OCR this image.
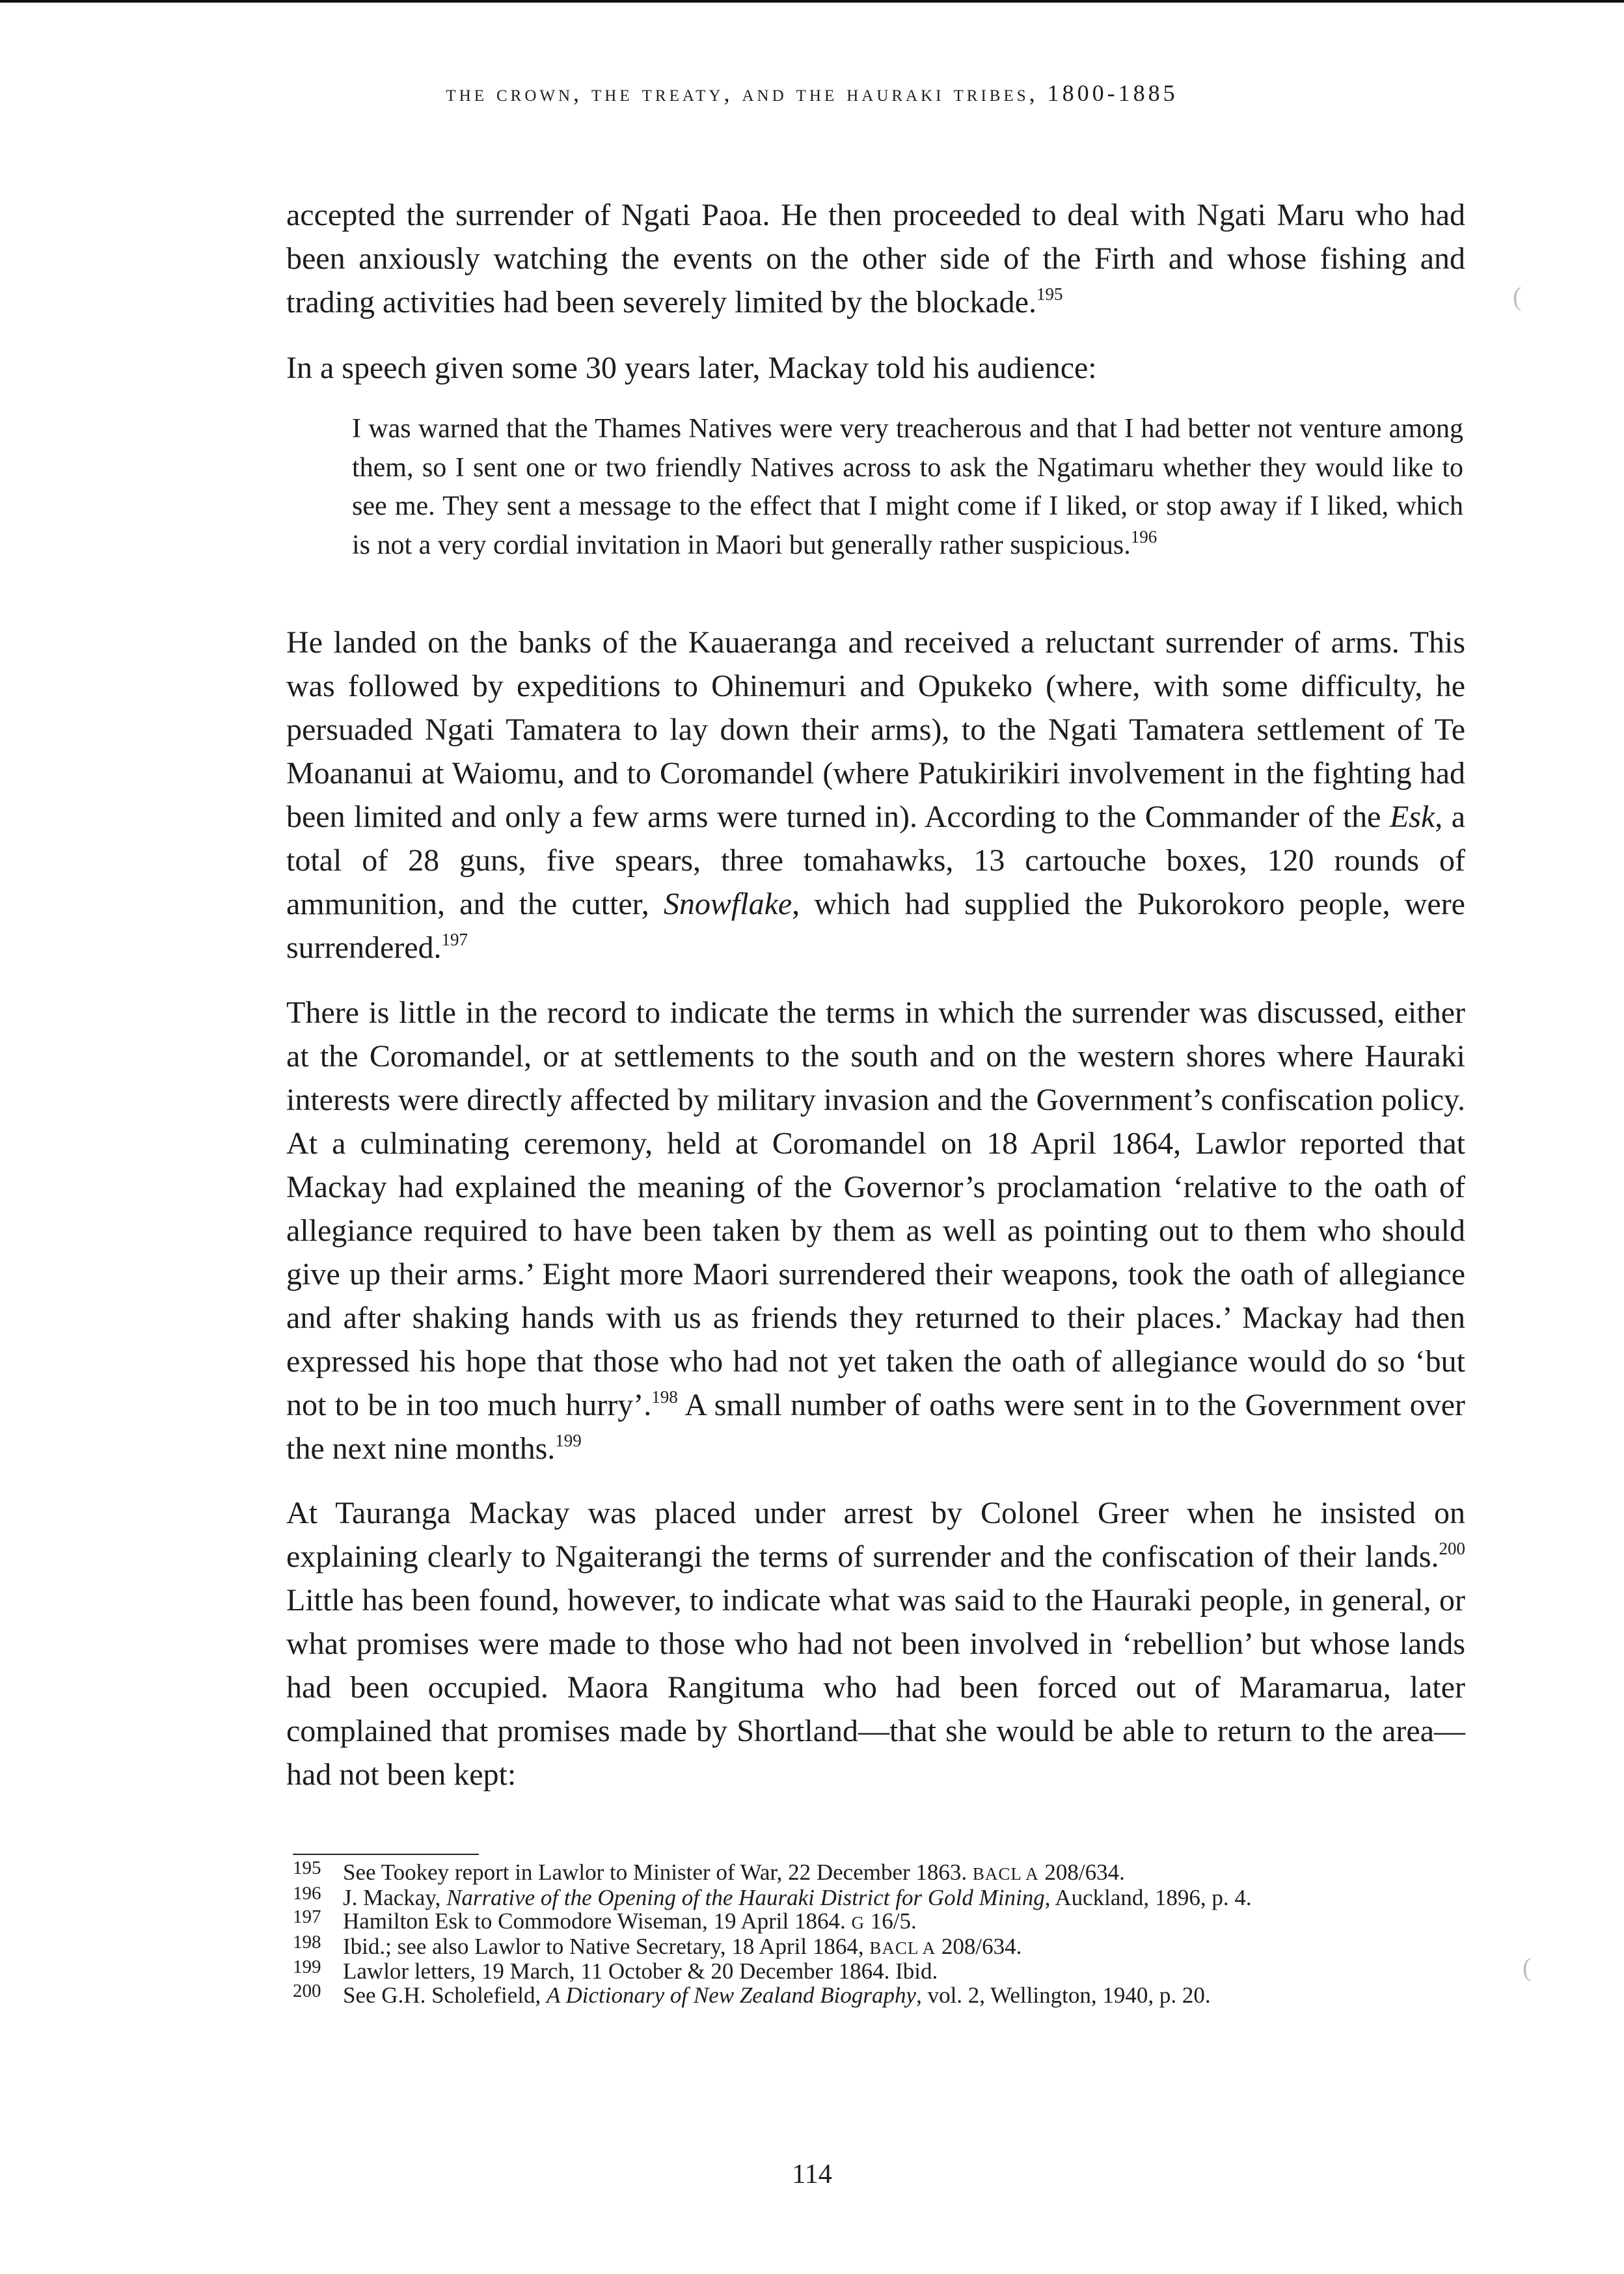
the crown, the treaty, and the hauraki tribes, 1800-1885

accepted the surrender of Ngati Paoa. He then proceeded to deal with Ngati Maru who had been anxiously watching the events on the other side of the Firth and whose fishing and trading activities had been severely limited by the blockade.$^{195}$

In a speech given some 30 years later, Mackay told his audience:

I was warned that the Thames Natives were very treacherous and that I had better not venture among them, so I sent one or two friendly Natives across to ask the Ngatimaru whether they would like to see me. They sent a message to the effect that I might come if I liked, or stop away if I liked, which is not a very cordial invitation in Maori but generally rather suspicious.$^{196}$

He landed on the banks of the Kauaeranga and received a reluctant surrender of arms. This was followed by expeditions to Ohinemuri and Opukeko (where, with some difficulty, he persuaded Ngati Tamatera to lay down their arms), to the Ngati Tamatera settlement of Te Moananui at Waiomu, and to Coromandel (where Patukirikiri involvement in the fighting had been limited and only a few arms were turned in). According to the Commander of the Esk, a total of 28 guns, five spears, three tomahawks, 13 cartouche boxes, 120 rounds of ammunition, and the cutter, Snowflake, which had supplied the Pukorokoro people, were surrendered.$^{197}$

There is little in the record to indicate the terms in which the surrender was discussed, either at the Coromandel, or at settlements to the south and on the western shores where Hauraki interests were directly affected by military invasion and the Government’s confiscation policy. At a culminating ceremony, held at Coromandel on 18 April 1864, Lawlor reported that Mackay had explained the meaning of the Governor’s proclamation ‘relative to the oath of allegiance required to have been taken by them as well as pointing out to them who should give up their arms.’ Eight more Maori surrendered their weapons, took the oath of allegiance and after shaking hands with us as friends they returned to their places.’ Mackay had then expressed his hope that those who had not yet taken the oath of allegiance would do so ‘but not to be in too much hurry’.$^{198}$ A small number of oaths were sent in to the Government over the next nine months.$^{199}$

At Tauranga Mackay was placed under arrest by Colonel Greer when he insisted on explaining clearly to Ngaiterangi the terms of surrender and the confiscation of their lands.$^{200}$ Little has been found, however, to indicate what was said to the Hauraki people, in general, or what promises were made to those who had not been involved in ‘rebellion’ but whose lands had been occupied. Maora Rangituma who had been forced out of Maramarua, later complained that promises made by Shortland—that she would be able to return to the area—had not been kept:

195 See Tookey report in Lawlor to Minister of War, 22 December 1863. BACL A 208/634.
196 J. Mackay, Narrative of the Opening of the Hauraki District for Gold Mining, Auckland, 1896, p. 4.
197 Hamilton Esk to Commodore Wiseman, 19 April 1864. G 16/5.
198 Ibid.; see also Lawlor to Native Secretary, 18 April 1864, BACL A 208/634.
199 Lawlor letters, 19 March, 11 October & 20 December 1864. Ibid.
200 See G.H. Scholefield, A Dictionary of New Zealand Biography, vol. 2, Wellington, 1940, p. 20.
114
(
(
